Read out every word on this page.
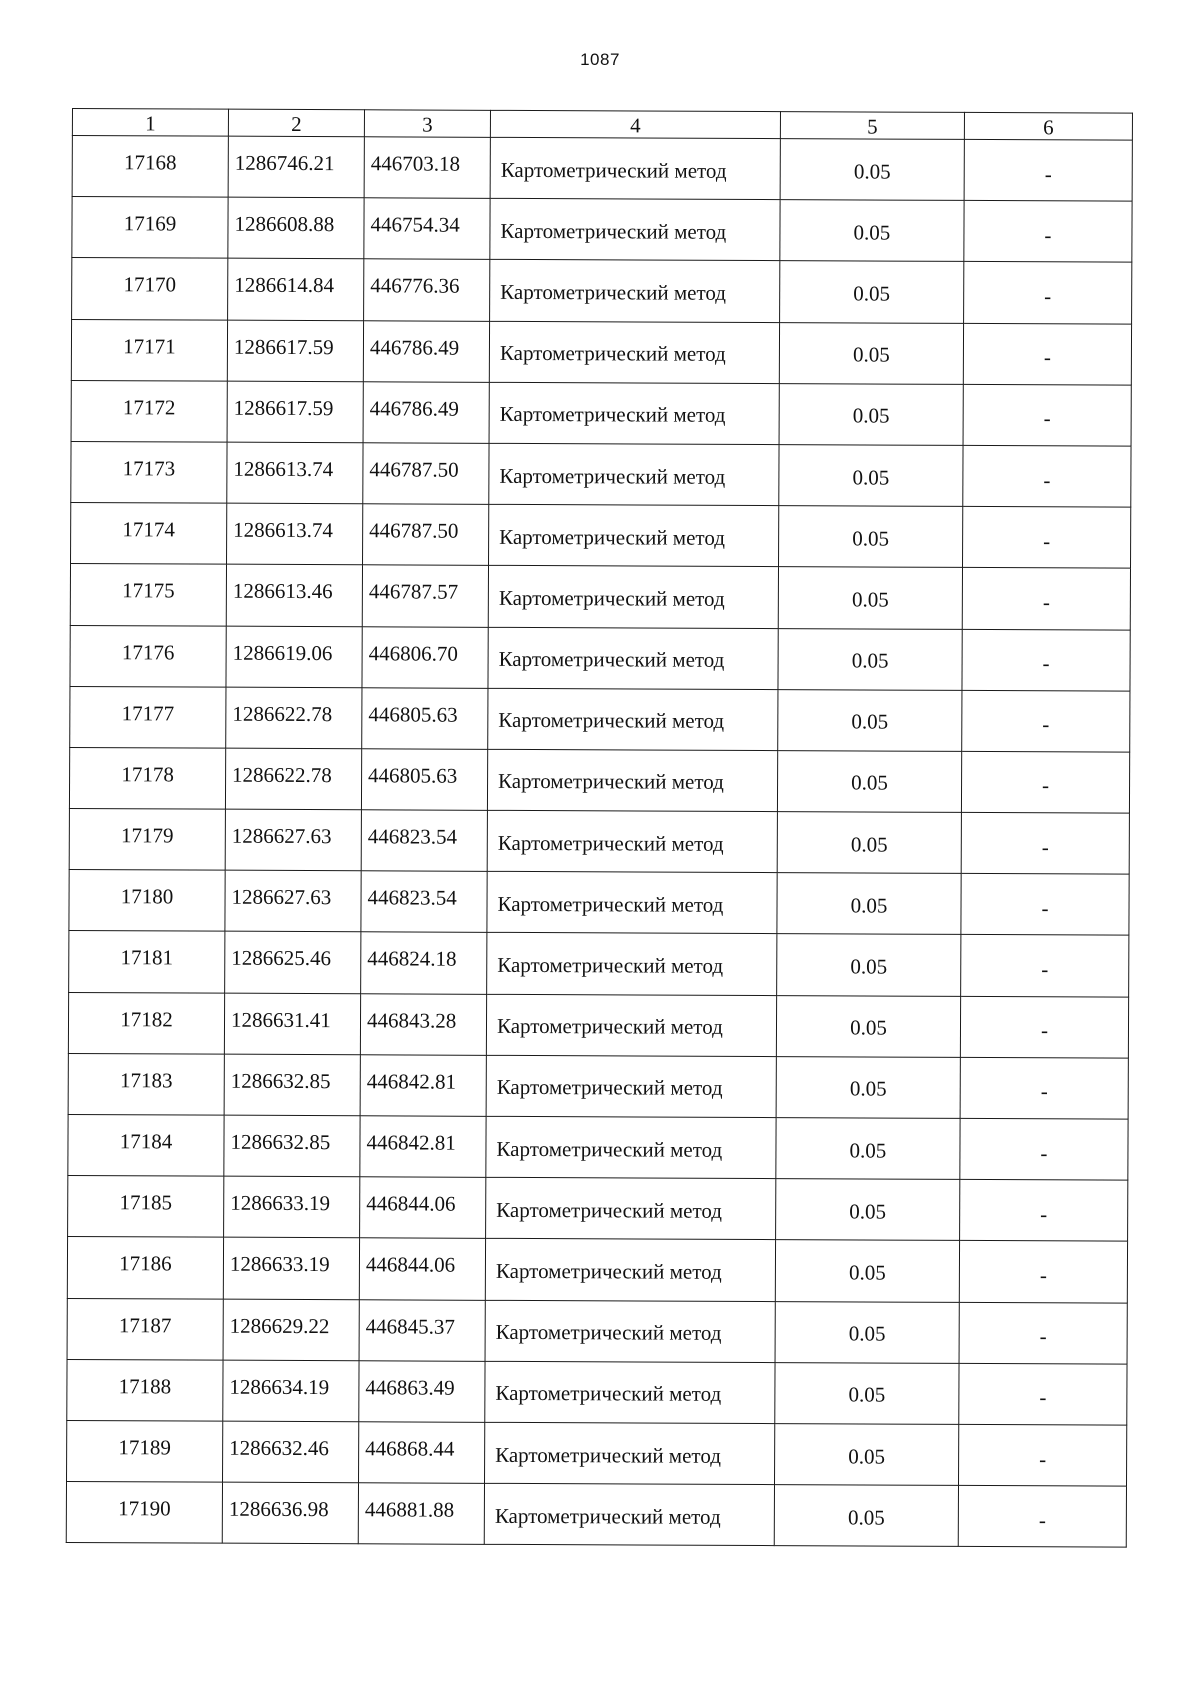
1087
1	2	3	4	5	6
17168	1286746.21	446703.18	Картометрический метод	0.05	-
17169	1286608.88	446754.34	Картометрический метод	0.05	-
17170	1286614.84	446776.36	Картометрический метод	0.05	-
17171	1286617.59	446786.49	Картометрический метод	0.05	-
17172	1286617.59	446786.49	Картометрический метод	0.05	-
17173	1286613.74	446787.50	Картометрический метод	0.05	-
17174	1286613.74	446787.50	Картометрический метод	0.05	-
17175	1286613.46	446787.57	Картометрический метод	0.05	-
17176	1286619.06	446806.70	Картометрический метод	0.05	-
17177	1286622.78	446805.63	Картометрический метод	0.05	-
17178	1286622.78	446805.63	Картометрический метод	0.05	-
17179	1286627.63	446823.54	Картометрический метод	0.05	-
17180	1286627.63	446823.54	Картометрический метод	0.05	-
17181	1286625.46	446824.18	Картометрический метод	0.05	-
17182	1286631.41	446843.28	Картометрический метод	0.05	-
17183	1286632.85	446842.81	Картометрический метод	0.05	-
17184	1286632.85	446842.81	Картометрический метод	0.05	-
17185	1286633.19	446844.06	Картометрический метод	0.05	-
17186	1286633.19	446844.06	Картометрический метод	0.05	-
17187	1286629.22	446845.37	Картометрический метод	0.05	-
17188	1286634.19	446863.49	Картометрический метод	0.05	-
17189	1286632.46	446868.44	Картометрический метод	0.05	-
17190	1286636.98	446881.88	Картометрический метод	0.05	-
